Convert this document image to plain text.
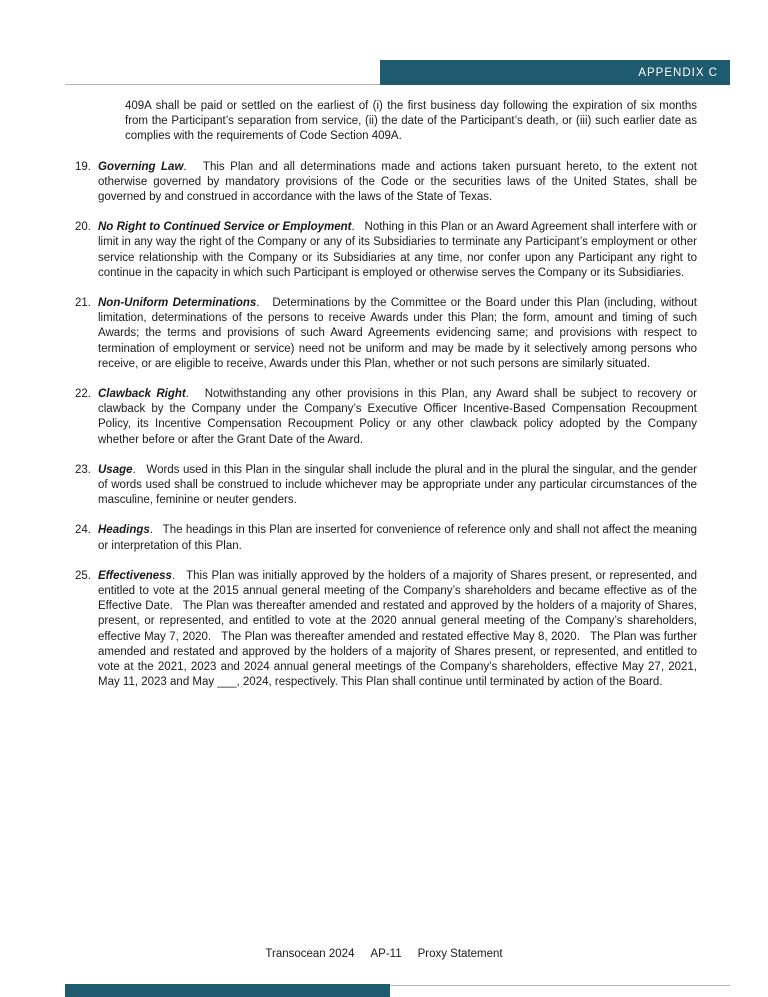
APPENDIX C

409A shall be paid or settled on the earliest of (i) the first business day following the expiration of six months from the Participant’s separation from service, (ii) the date of the Participant’s death, or (iii) such earlier date as complies with the requirements of Code Section 409A.

19. Governing Law.   This Plan and all determinations made and actions taken pursuant hereto, to the extent not otherwise governed by mandatory provisions of the Code or the securities laws of the United States, shall be governed by and construed in accordance with the laws of the State of Texas.
20. No Right to Continued Service or Employment.   Nothing in this Plan or an Award Agreement shall interfere with or limit in any way the right of the Company or any of its Subsidiaries to terminate any Participant’s employment or other service relationship with the Company or its Subsidiaries at any time, nor confer upon any Participant any right to continue in the capacity in which such Participant is employed or otherwise serves the Company or its Subsidiaries.
21. Non-Uniform Determinations.   Determinations by the Committee or the Board under this Plan (including, without limitation, determinations of the persons to receive Awards under this Plan; the form, amount and timing of such Awards; the terms and provisions of such Award Agreements evidencing same; and provisions with respect to termination of employment or service) need not be uniform and may be made by it selectively among persons who receive, or are eligible to receive, Awards under this Plan, whether or not such persons are similarly situated.
22. Clawback Right.   Notwithstanding any other provisions in this Plan, any Award shall be subject to recovery or clawback by the Company under the Company’s Executive Officer Incentive-Based Compensation Recoupment Policy, its Incentive Compensation Recoupment Policy or any other clawback policy adopted by the Company whether before or after the Grant Date of the Award.
23. Usage.   Words used in this Plan in the singular shall include the plural and in the plural the singular, and the gender of words used shall be construed to include whichever may be appropriate under any particular circumstances of the masculine, feminine or neuter genders.
24. Headings.   The headings in this Plan are inserted for convenience of reference only and shall not affect the meaning or interpretation of this Plan.
25. Effectiveness.   This Plan was initially approved by the holders of a majority of Shares present, or represented, and entitled to vote at the 2015 annual general meeting of the Company’s shareholders and became effective as of the Effective Date.   The Plan was thereafter amended and restated and approved by the holders of a majority of Shares, present, or represented, and entitled to vote at the 2020 annual general meeting of the Company’s shareholders, effective May 7, 2020.   The Plan was thereafter amended and restated effective May 8, 2020.   The Plan was further amended and restated and approved by the holders of a majority of Shares present, or represented, and entitled to vote at the 2021, 2023 and 2024 annual general meetings of the Company’s shareholders, effective May 27, 2021, May 11, 2023 and May ___, 2024, respectively. This Plan shall continue until terminated by action of the Board.
Transocean 2024 AP-11 Proxy Statement
